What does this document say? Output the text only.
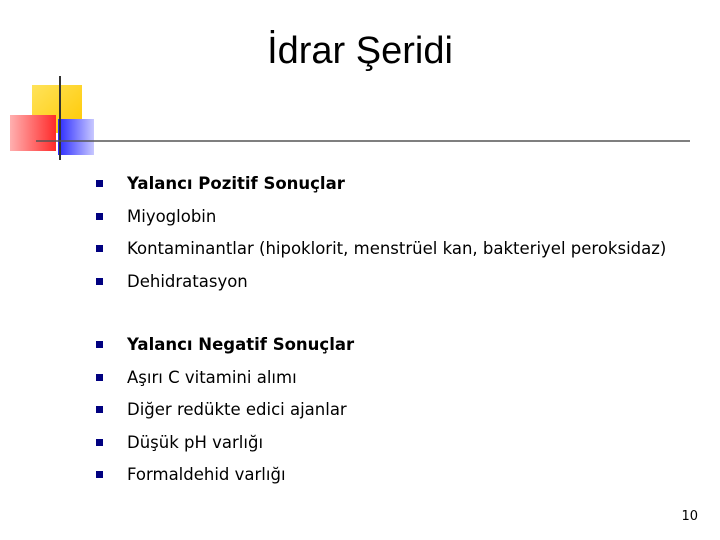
İdrar Şeridi
Yalancı Pozitif Sonuçlar
Miyoglobin
Kontaminantlar (hipoklorit, menstrüel kan, bakteriyel peroksidaz)
Dehidratasyon
Yalancı Negatif Sonuçlar
Aşırı C vitamini alımı
Diğer redükte edici ajanlar
Düşük pH varlığı
Formaldehid varlığı
10
